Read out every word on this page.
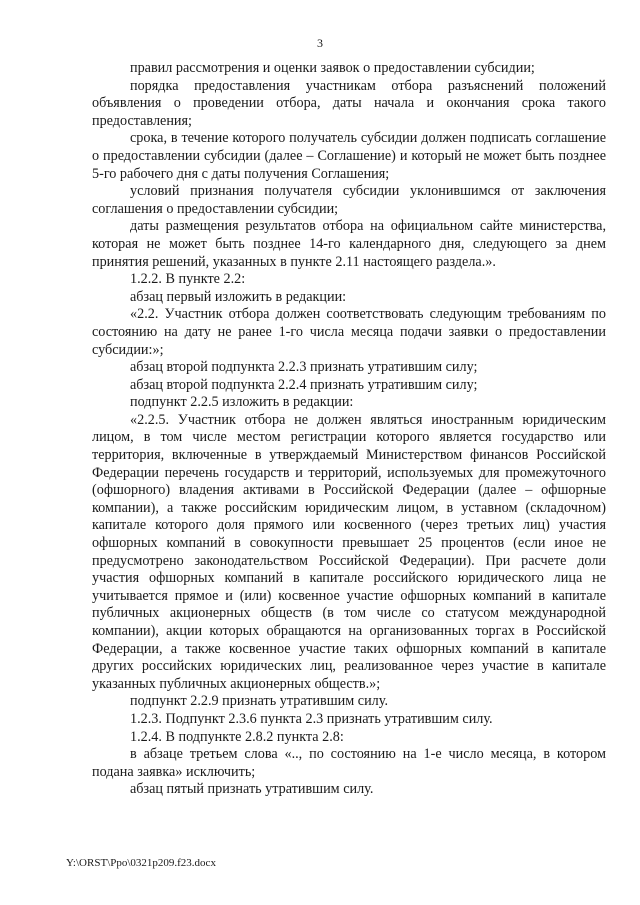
3

правил рассмотрения и оценки заявок о предоставлении субсидии;

порядка предоставления участникам отбора разъяснений положений объявления о проведении отбора, даты начала и окончания срока такого предоставления;

срока, в течение которого получатель субсидии должен подписать соглашение о предоставлении субсидии (далее – Соглашение) и который не может быть позднее 5-го рабочего дня с даты получения Соглашения;

условий признания получателя субсидии уклонившимся от заключения соглашения о предоставлении субсидии;

даты размещения результатов отбора на официальном сайте министерства, которая не может быть позднее 14-го календарного дня, следующего за днем принятия решений, указанных в пункте 2.11 настоящего раздела.».

1.2.2. В пункте 2.2:

абзац первый изложить в редакции:

«2.2. Участник отбора должен соответствовать следующим требованиям по состоянию на дату не ранее 1-го числа месяца подачи заявки о предоставлении субсидии:»;

абзац второй подпункта 2.2.3 признать утратившим силу;

абзац второй подпункта 2.2.4 признать утратившим силу;

подпункт 2.2.5 изложить в редакции:

«2.2.5. Участник отбора не должен являться иностранным юридическим лицом, в том числе местом регистрации которого является государство или территория, включенные в утверждаемый Министерством финансов Российской Федерации перечень государств и территорий, используемых для промежуточного (офшорного) владения активами в Российской Федерации (далее – офшорные компании), а также российским юридическим лицом, в уставном (складочном) капитале которого доля прямого или косвенного (через третьих лиц) участия офшорных компаний в совокупности превышает 25 процентов (если иное не предусмотрено законодательством Российской Федерации). При расчете доли участия офшорных компаний в капитале российского юридического лица не учитывается прямое и (или) косвенное участие офшорных компаний в капитале публичных акционерных обществ (в том числе со статусом международной компании), акции которых обращаются на организованных торгах в Российской Федерации, а также косвенное участие таких офшорных компаний в капитале других российских юридических лиц, реализованное через участие в капитале указанных публичных акционерных обществ.»;

подпункт 2.2.9 признать утратившим силу.

1.2.3. Подпункт 2.3.6 пункта 2.3 признать утратившим силу.

1.2.4. В подпункте 2.8.2 пункта 2.8:

в абзаце третьем слова «.., по состоянию на 1-е число месяца, в котором подана заявка» исключить;

абзац пятый признать утратившим силу.

Y:\ORST\Ppo\0321p209.f23.docx
